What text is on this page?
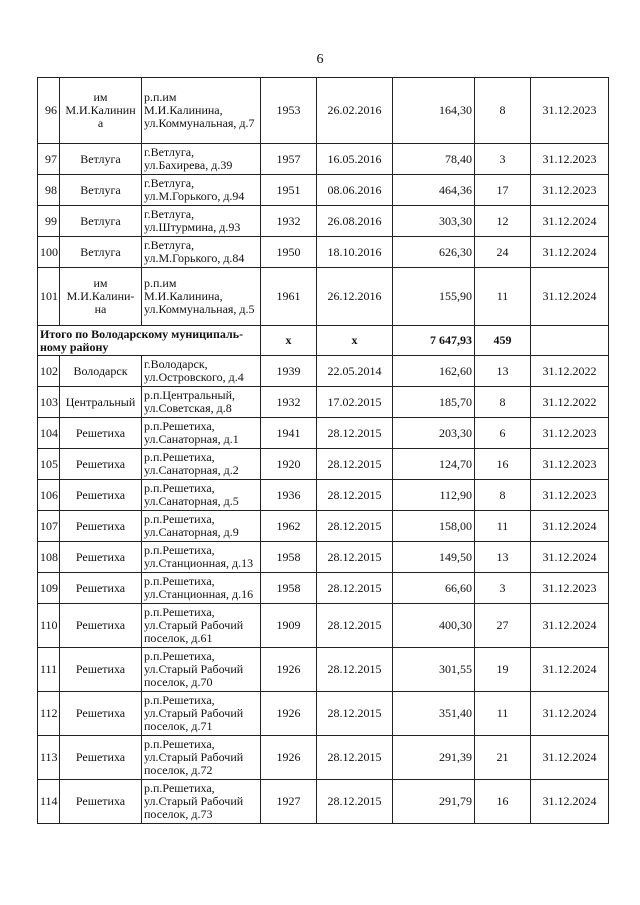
6
96	им М.И.Калинин а	р.п.им М.И.Калинина, ул.Коммунальная, д.7	1953	26.02.2016	164,30	8	31.12.2023
97	Ветлуга	г.Ветлуга, ул.Бахирева, д.39	1957	16.05.2016	78,40	3	31.12.2023
98	Ветлуга	г.Ветлуга, ул.М.Горького, д.94	1951	08.06.2016	464,36	17	31.12.2023
99	Ветлуга	г.Ветлуга, ул.Штурмина, д.93	1932	26.08.2016	303,30	12	31.12.2024
100	Ветлуга	г.Ветлуга, ул.М.Горького, д.84	1950	18.10.2016	626,30	24	31.12.2024
101	им М.И.Калини- на	р.п.им М.И.Калинина, ул.Коммунальная, д.5	1961	26.12.2016	155,90	11	31.12.2024
Итого по Володарскому муниципаль- ному району			х	х	7 647,93	459	
102	Володарск	г.Володарск, ул.Островского, д.4	1939	22.05.2014	162,60	13	31.12.2022
103	Центральный	р.п.Центральный, ул.Советская, д.8	1932	17.02.2015	185,70	8	31.12.2022
104	Решетиха	р.п.Решетиха, ул.Санаторная, д.1	1941	28.12.2015	203,30	6	31.12.2023
105	Решетиха	р.п.Решетиха, ул.Санаторная, д.2	1920	28.12.2015	124,70	16	31.12.2023
106	Решетиха	р.п.Решетиха, ул.Санаторная, д.5	1936	28.12.2015	112,90	8	31.12.2023
107	Решетиха	р.п.Решетиха, ул.Санаторная, д.9	1962	28.12.2015	158,00	11	31.12.2024
108	Решетиха	р.п.Решетиха, ул.Станционная, д.13	1958	28.12.2015	149,50	13	31.12.2024
109	Решетиха	р.п.Решетиха, ул.Станционная, д.16	1958	28.12.2015	66,60	3	31.12.2023
110	Решетиха	р.п.Решетиха, ул.Старый Рабочий поселок, д.61	1909	28.12.2015	400,30	27	31.12.2024
111	Решетиха	р.п.Решетиха, ул.Старый Рабочий поселок, д.70	1926	28.12.2015	301,55	19	31.12.2024
112	Решетиха	р.п.Решетиха, ул.Старый Рабочий поселок, д.71	1926	28.12.2015	351,40	11	31.12.2024
113	Решетиха	р.п.Решетиха, ул.Старый Рабочий поселок, д.72	1926	28.12.2015	291,39	21	31.12.2024
114	Решетиха	р.п.Решетиха, ул.Старый Рабочий поселок, д.73	1927	28.12.2015	291,79	16	31.12.2024
